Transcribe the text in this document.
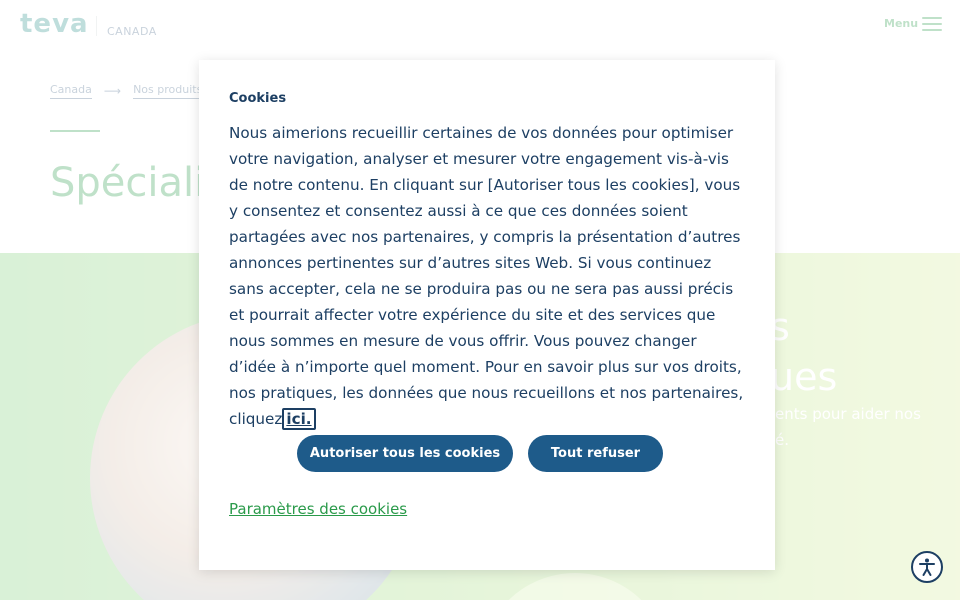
Cookies
Nous aimerions recueillir certaines de vos données pour optimiser votre navigation, analyser et mesurer votre engagement vis-à-vis de notre contenu. En cliquant sur [Autoriser tous les cookies], vous y consentez et consentez aussi à ce que ces données soient partagées avec nos partenaires, y compris la présentation d’autres annonces pertinentes sur d’autres sites Web. Si vous continuez sans accepter, cela ne se produira pas ou ne sera pas aussi précis et pourrait affecter votre expérience du site et des services que nous sommes en mesure de vous offrir. Vous pouvez changer d’idée à n’importe quel moment. Pour en savoir plus sur vos droits, nos pratiques, les données que nous recueillons et nos partenaires, cliquez ici.
Autoriser tous les cookies	Tout refuser
Paramètres des cookies
